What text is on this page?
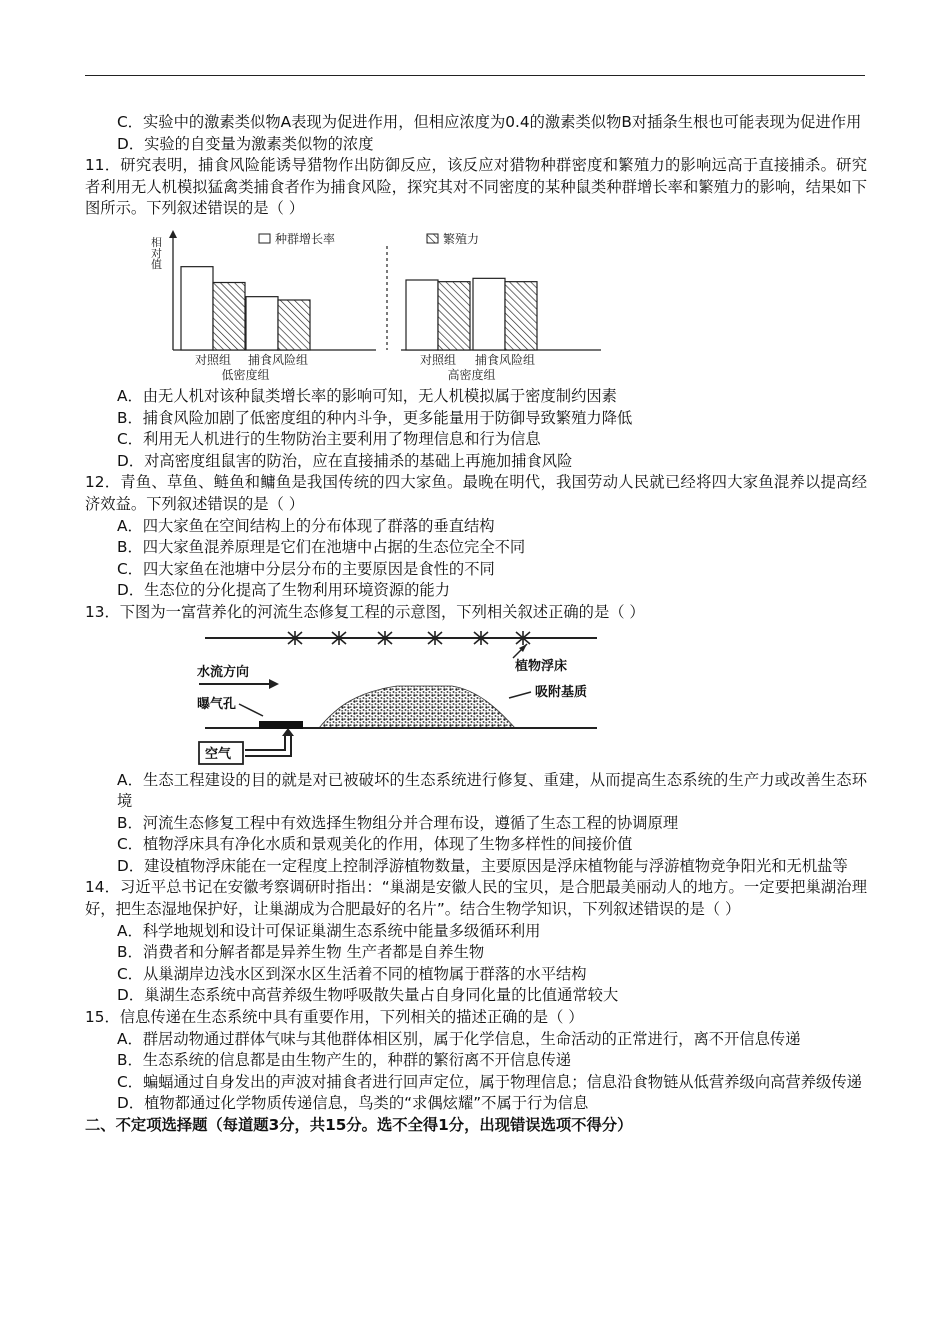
C．实验中的激素类似物A表现为促进作用，但相应浓度为0.4的激素类似物B对插条生根也可能表现为促进作用

D．实验的自变量为激素类似物的浓度

11．研究表明，捕食风险能诱导猎物作出防御反应，该反应对猎物种群密度和繁殖力的影响远高于直接捕杀。研究者利用无人机模拟猛禽类捕食者作为捕食风险，探究其对不同密度的某种鼠类种群增长率和繁殖力的影响，结果如下图所示。下列叙述错误的是（ ）

相
对
值
种群增长率	繁殖力
对照组 捕食风险组	对照组 捕食风险组
低密度组	高密度组

A．由无人机对该种鼠类增长率的影响可知，无人机模拟属于密度制约因素

B．捕食风险加剧了低密度组的种内斗争，更多能量用于防御导致繁殖力降低

C．利用无人机进行的生物防治主要利用了物理信息和行为信息

D．对高密度组鼠害的防治，应在直接捕杀的基础上再施加捕食风险

12．青鱼、草鱼、鲢鱼和鳙鱼是我国传统的四大家鱼。最晚在明代，我国劳动人民就已经将四大家鱼混养以提高经济效益。下列叙述错误的是（ ）

A．四大家鱼在空间结构上的分布体现了群落的垂直结构

B．四大家鱼混养原理是它们在池塘中占据的生态位完全不同

C．四大家鱼在池塘中分层分布的主要原因是食性的不同

D．生态位的分化提高了生物利用环境资源的能力

13．下图为一富营养化的河流生态修复工程的示意图，下列相关叙述正确的是（ ）

植物浮床
水流方向
曝气孔
吸附基质
空气

A．生态工程建设的目的就是对已被破坏的生态系统进行修复、重建，从而提高生态系统的生产力或改善生态环境

B．河流生态修复工程中有效选择生物组分并合理布设，遵循了生态工程的协调原理

C．植物浮床具有净化水质和景观美化的作用，体现了生物多样性的间接价值

D．建设植物浮床能在一定程度上控制浮游植物数量，主要原因是浮床植物能与浮游植物竞争阳光和无机盐等

14．习近平总书记在安徽考察调研时指出：“巢湖是安徽人民的宝贝，是合肥最美丽动人的地方。一定要把巢湖治理好，把生态湿地保护好，让巢湖成为合肥最好的名片”。结合生物学知识，下列叙述错误的是（ ）

A．科学地规划和设计可保证巢湖生态系统中能量多级循环利用

B．消费者和分解者都是异养生物 生产者都是自养生物

C．从巢湖岸边浅水区到深水区生活着不同的植物属于群落的水平结构

D．巢湖生态系统中高营养级生物呼吸散失量占自身同化量的比值通常较大

15．信息传递在生态系统中具有重要作用，下列相关的描述正确的是（ ）

A．群居动物通过群体气味与其他群体相区别，属于化学信息，生命活动的正常进行，离不开信息传递

B．生态系统的信息都是由生物产生的，种群的繁衍离不开信息传递

C．蝙蝠通过自身发出的声波对捕食者进行回声定位，属于物理信息；信息沿食物链从低营养级向高营养级传递

D．植物都通过化学物质传递信息，鸟类的“求偶炫耀”不属于行为信息

二、不定项选择题（每道题3分，共15分。选不全得1分，出现错误选项不得分）
